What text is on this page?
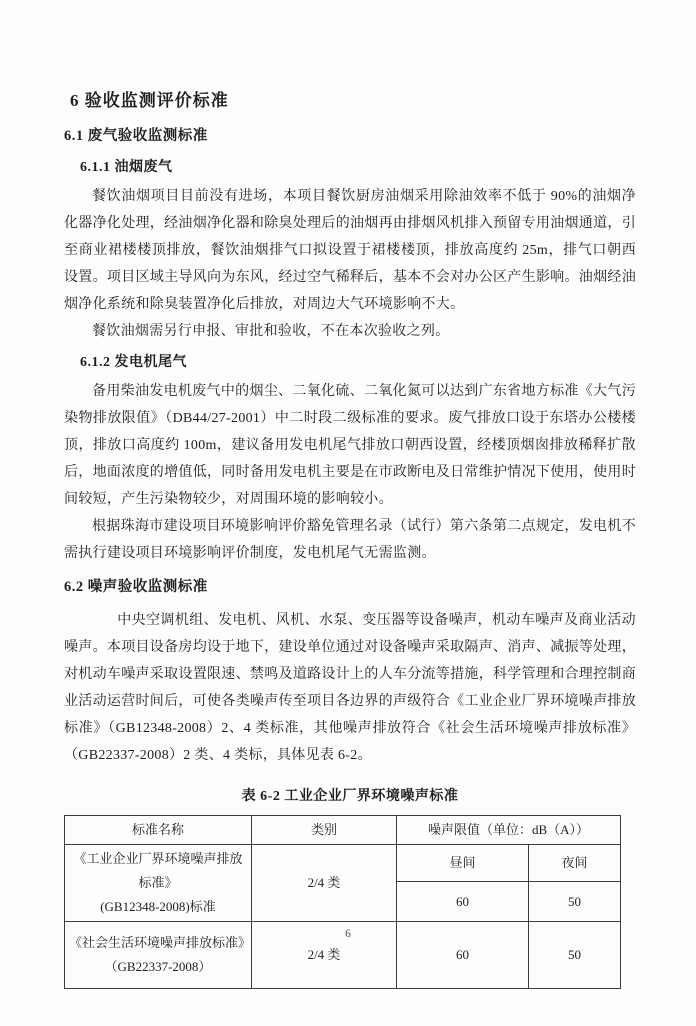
6 验收监测评价标准
6.1 废气验收监测标准
6.1.1 油烟废气

餐饮油烟项目目前没有进场，本项目餐饮厨房油烟采用除油效率不低于 90%的油烟净化器净化处理，经油烟净化器和除臭处理后的油烟再由排烟风机排入预留专用油烟通道，引至商业裙楼楼顶排放，餐饮油烟排气口拟设置于裙楼楼顶，排放高度约 25m，排气口朝西设置。项目区域主导风向为东风，经过空气稀释后，基本不会对办公区产生影响。油烟经油烟净化系统和除臭装置净化后排放，对周边大气环境影响不大。

餐饮油烟需另行申报、审批和验收，不在本次验收之列。

6.1.2 发电机尾气

备用柴油发电机废气中的烟尘、二氧化硫、二氧化氮可以达到广东省地方标准《大气污染物排放限值》（DB44/27-2001）中二时段二级标准的要求。废气排放口设于东塔办公楼楼顶，排放口高度约 100m，建议备用发电机尾气排放口朝西设置，经楼顶烟囱排放稀释扩散后，地面浓度的增值低，同时备用发电机主要是在市政断电及日常维护情况下使用，使用时间较短，产生污染物较少，对周围环境的影响较小。

根据珠海市建设项目环境影响评价豁免管理名录（试行）第六条第二点规定，发电机不需执行建设项目环境影响评价制度，发电机尾气无需监测。

6.2 噪声验收监测标准

中央空调机组、发电机、风机、水泵、变压器等设备噪声，机动车噪声及商业活动噪声。本项目设备房均设于地下，建设单位通过对设备噪声采取隔声、消声、减振等处理，对机动车噪声采取设置限速、禁鸣及道路设计上的人车分流等措施，科学管理和合理控制商业活动运营时间后，可使各类噪声传至项目各边界的声级符合《工业企业厂界环境噪声排放标准》（GB12348-2008）2、4 类标准，其他噪声排放符合《社会生活环境噪声排放标准》（GB22337-2008）2 类、4 类标，具体见表 6-2。

表 6-2 工业企业厂界环境噪声标准
标准名称	类别	噪声限值（单位：dB（A））	

《工业企业厂界环境噪声排放标准》
(GB12348-2008)标准	2/4 类	昼间	夜间
		60	50

《社会生活环境噪声排放标准》
（GB22337-2008）	2/4 类	60	50
6
